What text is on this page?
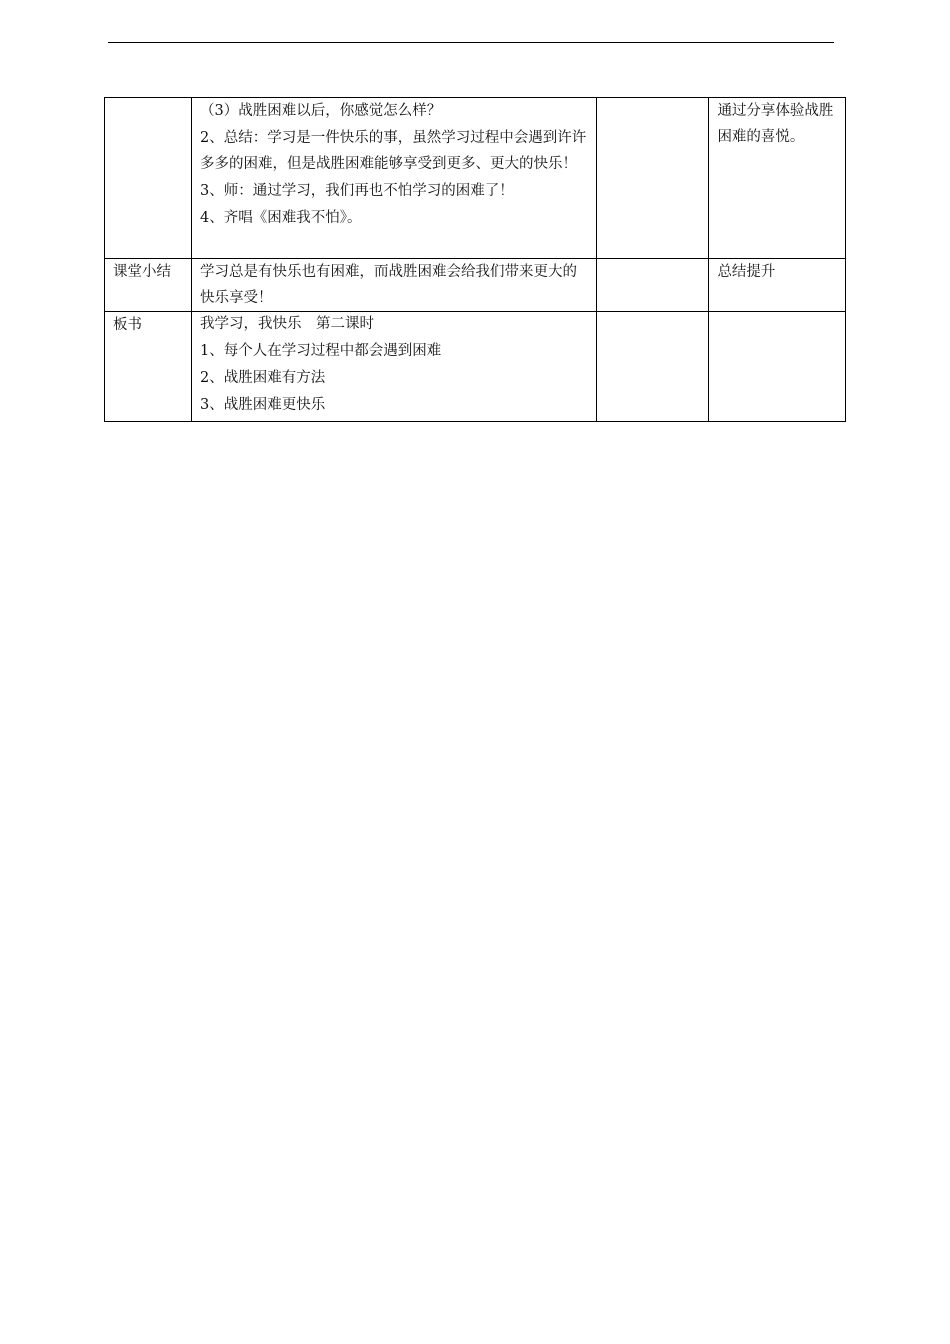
	（3）战胜困难以后，你感觉怎么样？

2、总结：学习是一件快乐的事，虽然学习过程中会遇到许许多多的困难，但是战胜困难能够享受到更多、更大的快乐！

3、师：通过学习，我们再也不怕学习的困难了！

4、齐唱《困难我不怕》。		通过分享体验战胜困难的喜悦。
课堂小结	学习总是有快乐也有困难，而战胜困难会给我们带来更大的快乐享受！		总结提升
板书	我学习，我快乐　第二课时

1、每个人在学习过程中都会遇到困难

2、战胜困难有方法

3、战胜困难更快乐		
